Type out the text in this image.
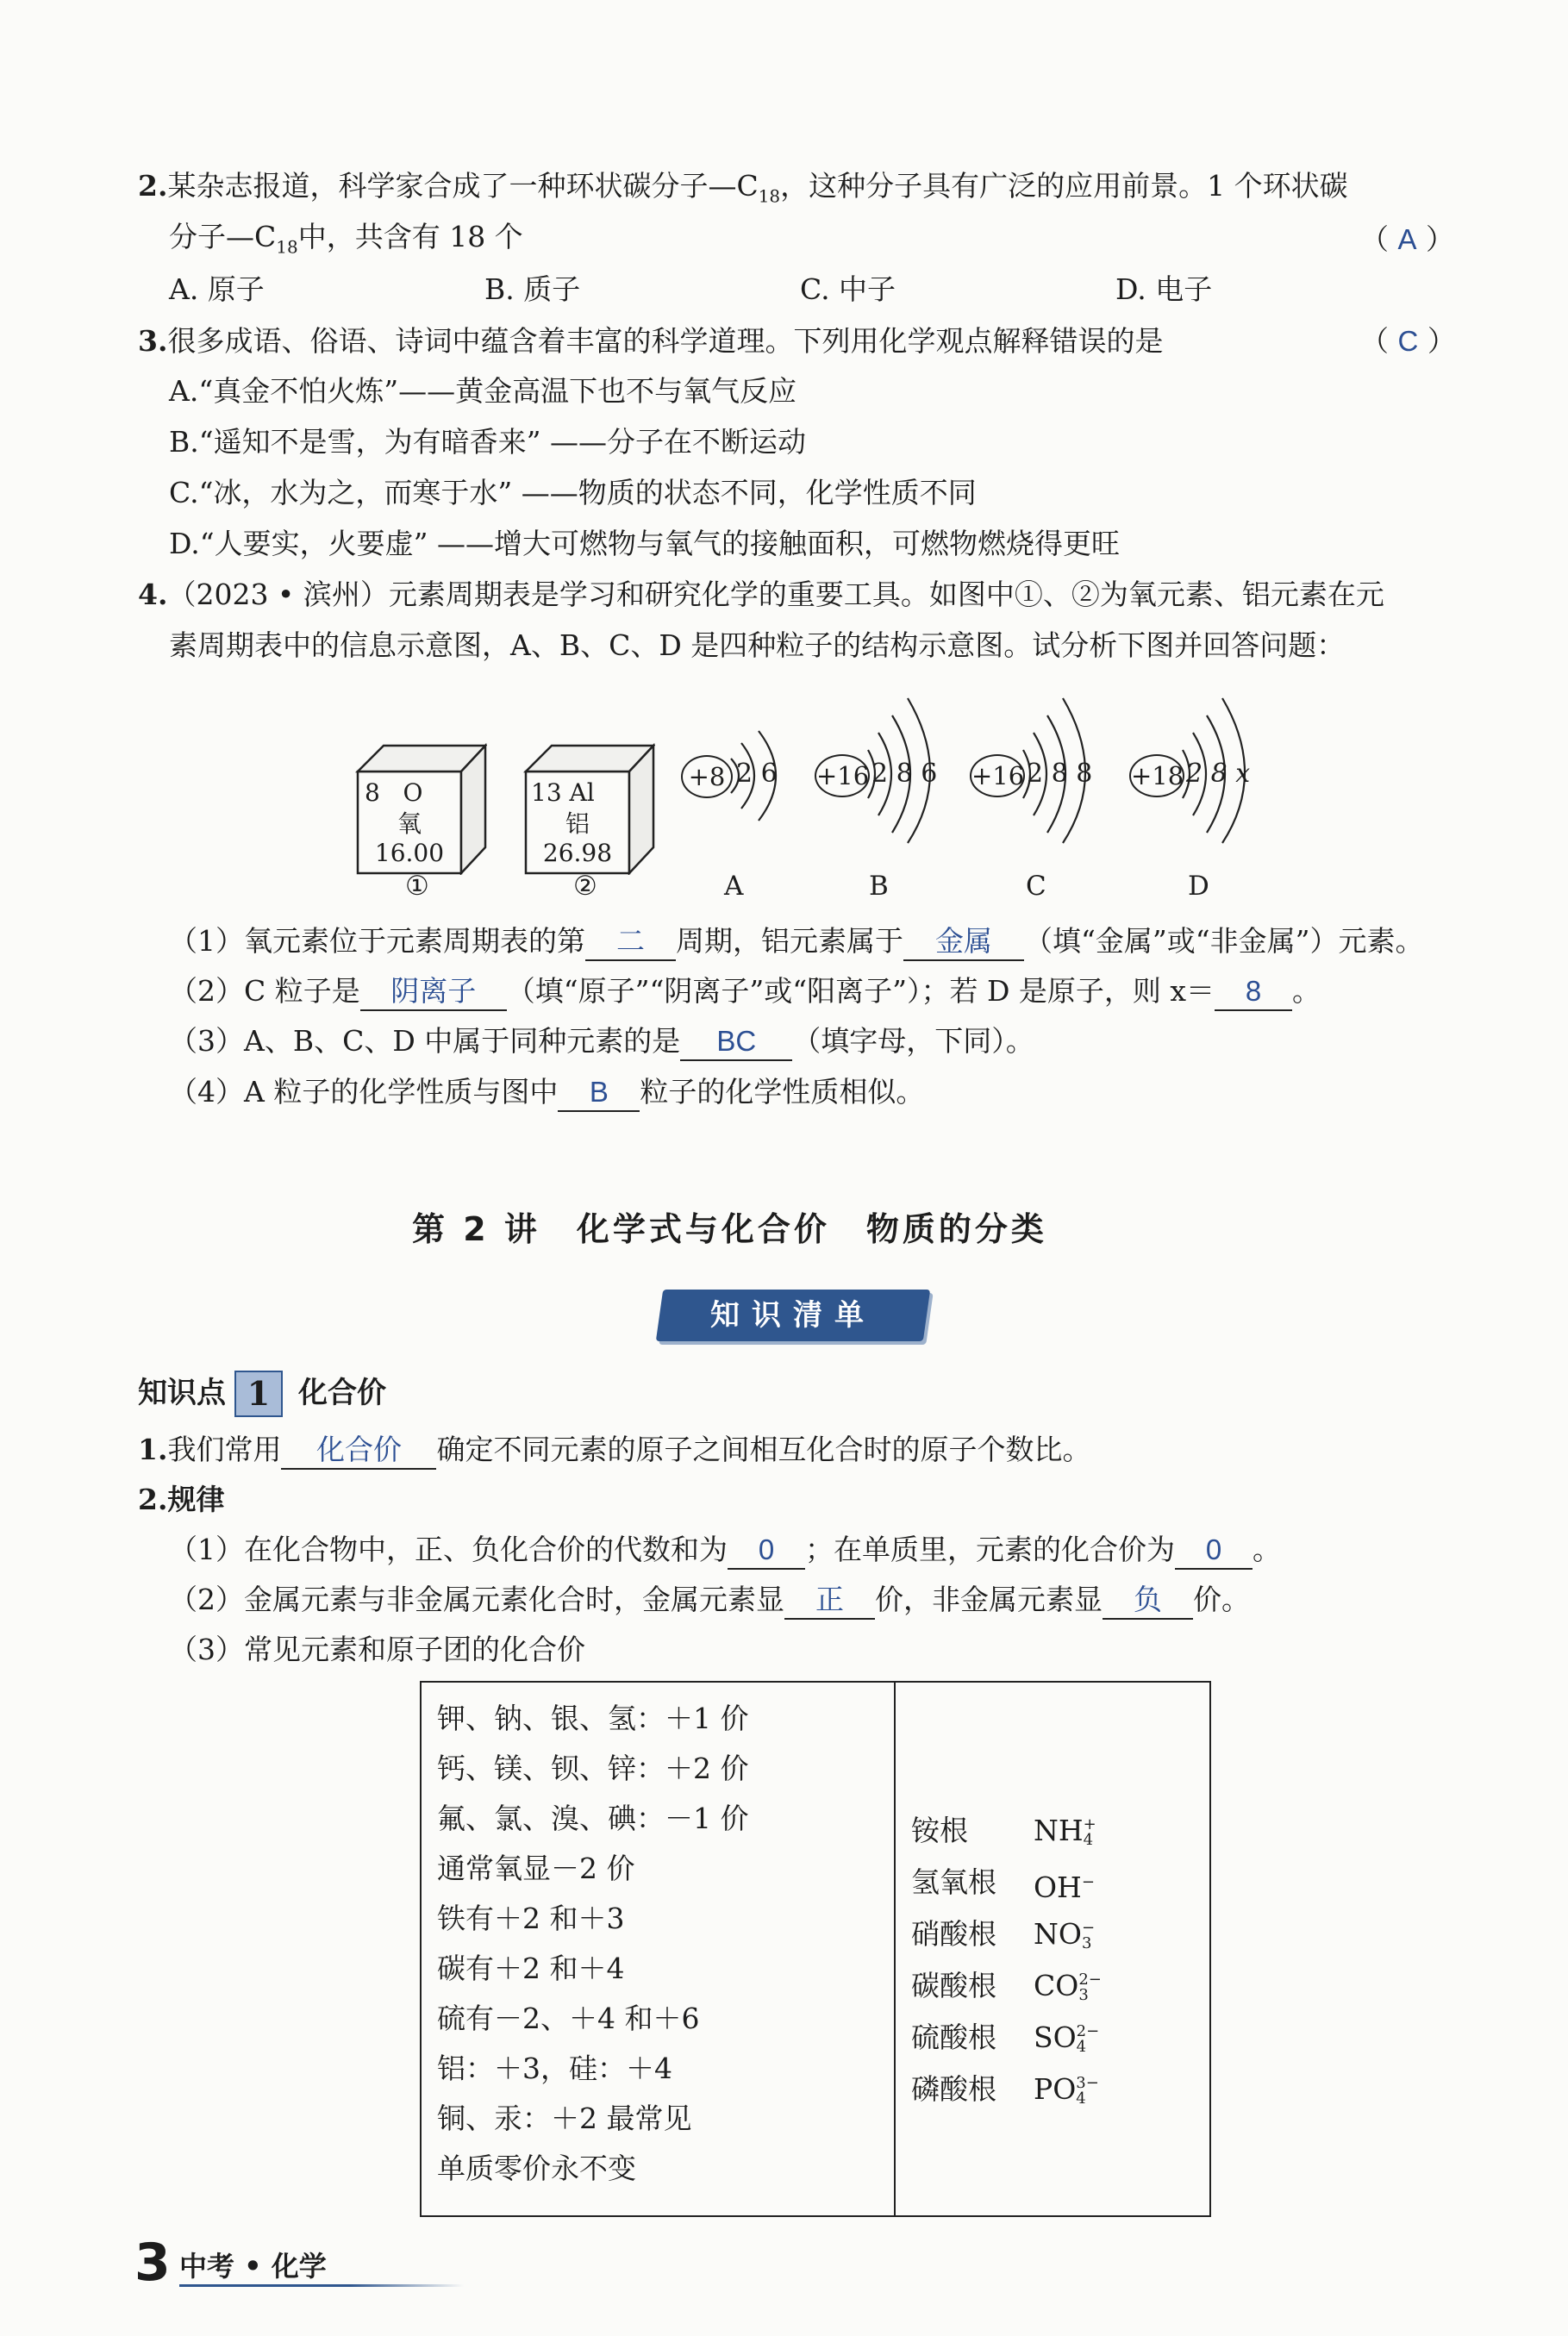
2.某杂志报道，科学家合成了一种环状碳分子$—C_{18}$，这种分子具有广泛的应用前景。1 个环状碳
分子$—C_{18}$中，共含有 18 个	（ A ）
A. 原子	B. 质子	C. 中子	D. 电子
3.很多成语、俗语、诗词中蕴含着丰富的科学道理。下列用化学观点解释错误的是	（ C ）
A.“真金不怕火炼”——黄金高温下也不与氧气反应
B.“遥知不是雪，为有暗香来” ——分子在不断运动
C.“冰，水为之，而寒于水” ——物质的状态不同，化学性质不同
D.“人要实，火要虚” ——增大可燃物与氧气的接触面积，可燃物燃烧得更旺
4.（2023 • 滨州）元素周期表是学习和研究化学的重要工具。如图中①、②为氧元素、铝元素在元
素周期表中的信息示意图，A、B、C、D 是四种粒子的结构示意图。试分析下图并回答问题：
8 O
氧
16.00
①
13 Al
铝
26.98
②
+8 2 6
A
+16 2 8 6
B
+16 2 8 8
C
+18 2 8 x
D
（1）氧元素位于元素周期表的第 二 周期，铝元素属于 金属 （填“金属”或“非金属”）元素。
（2）C 粒子是 阴离子 （填“原子”“阴离子”或“阳离子”）；若 D 是原子，则 x＝ 8 。
（3）A、B、C、D 中属于同种元素的是 BC （填字母，下同）。
（4）A 粒子的化学性质与图中 B 粒子的化学性质相似。
第 2 讲　化学式与化合价　物质的分类
知识清单
知识点 1 化合价
1.我们常用 化合价 确定不同元素的原子之间相互化合时的原子个数比。
2.规律
（1）在化合物中，正、负化合价的代数和为 0 ；在单质里，元素的化合价为 0 。
（2）金属元素与非金属元素化合时，金属元素显 正 价，非金属元素显 负 价。
（3）常见元素和原子团的化合价
钾、钠、银、氢：＋1 价
钙、镁、钡、锌：＋2 价
氟、氯、溴、碘：－1 价
通常氧显－2 价
铁有＋2 和＋3
碳有＋2 和＋4
硫有－2、＋4 和＋6
铝：＋3，硅：＋4
铜、汞：＋2 最常见
单质零价永不变
铵根 NH +
4
氢氧根 OH−
硝酸根 NO −
3
碳酸根 CO 2−
3
硫酸根 SO 2−
4
磷酸根 PO 3−
4
3 中考 • 化学
